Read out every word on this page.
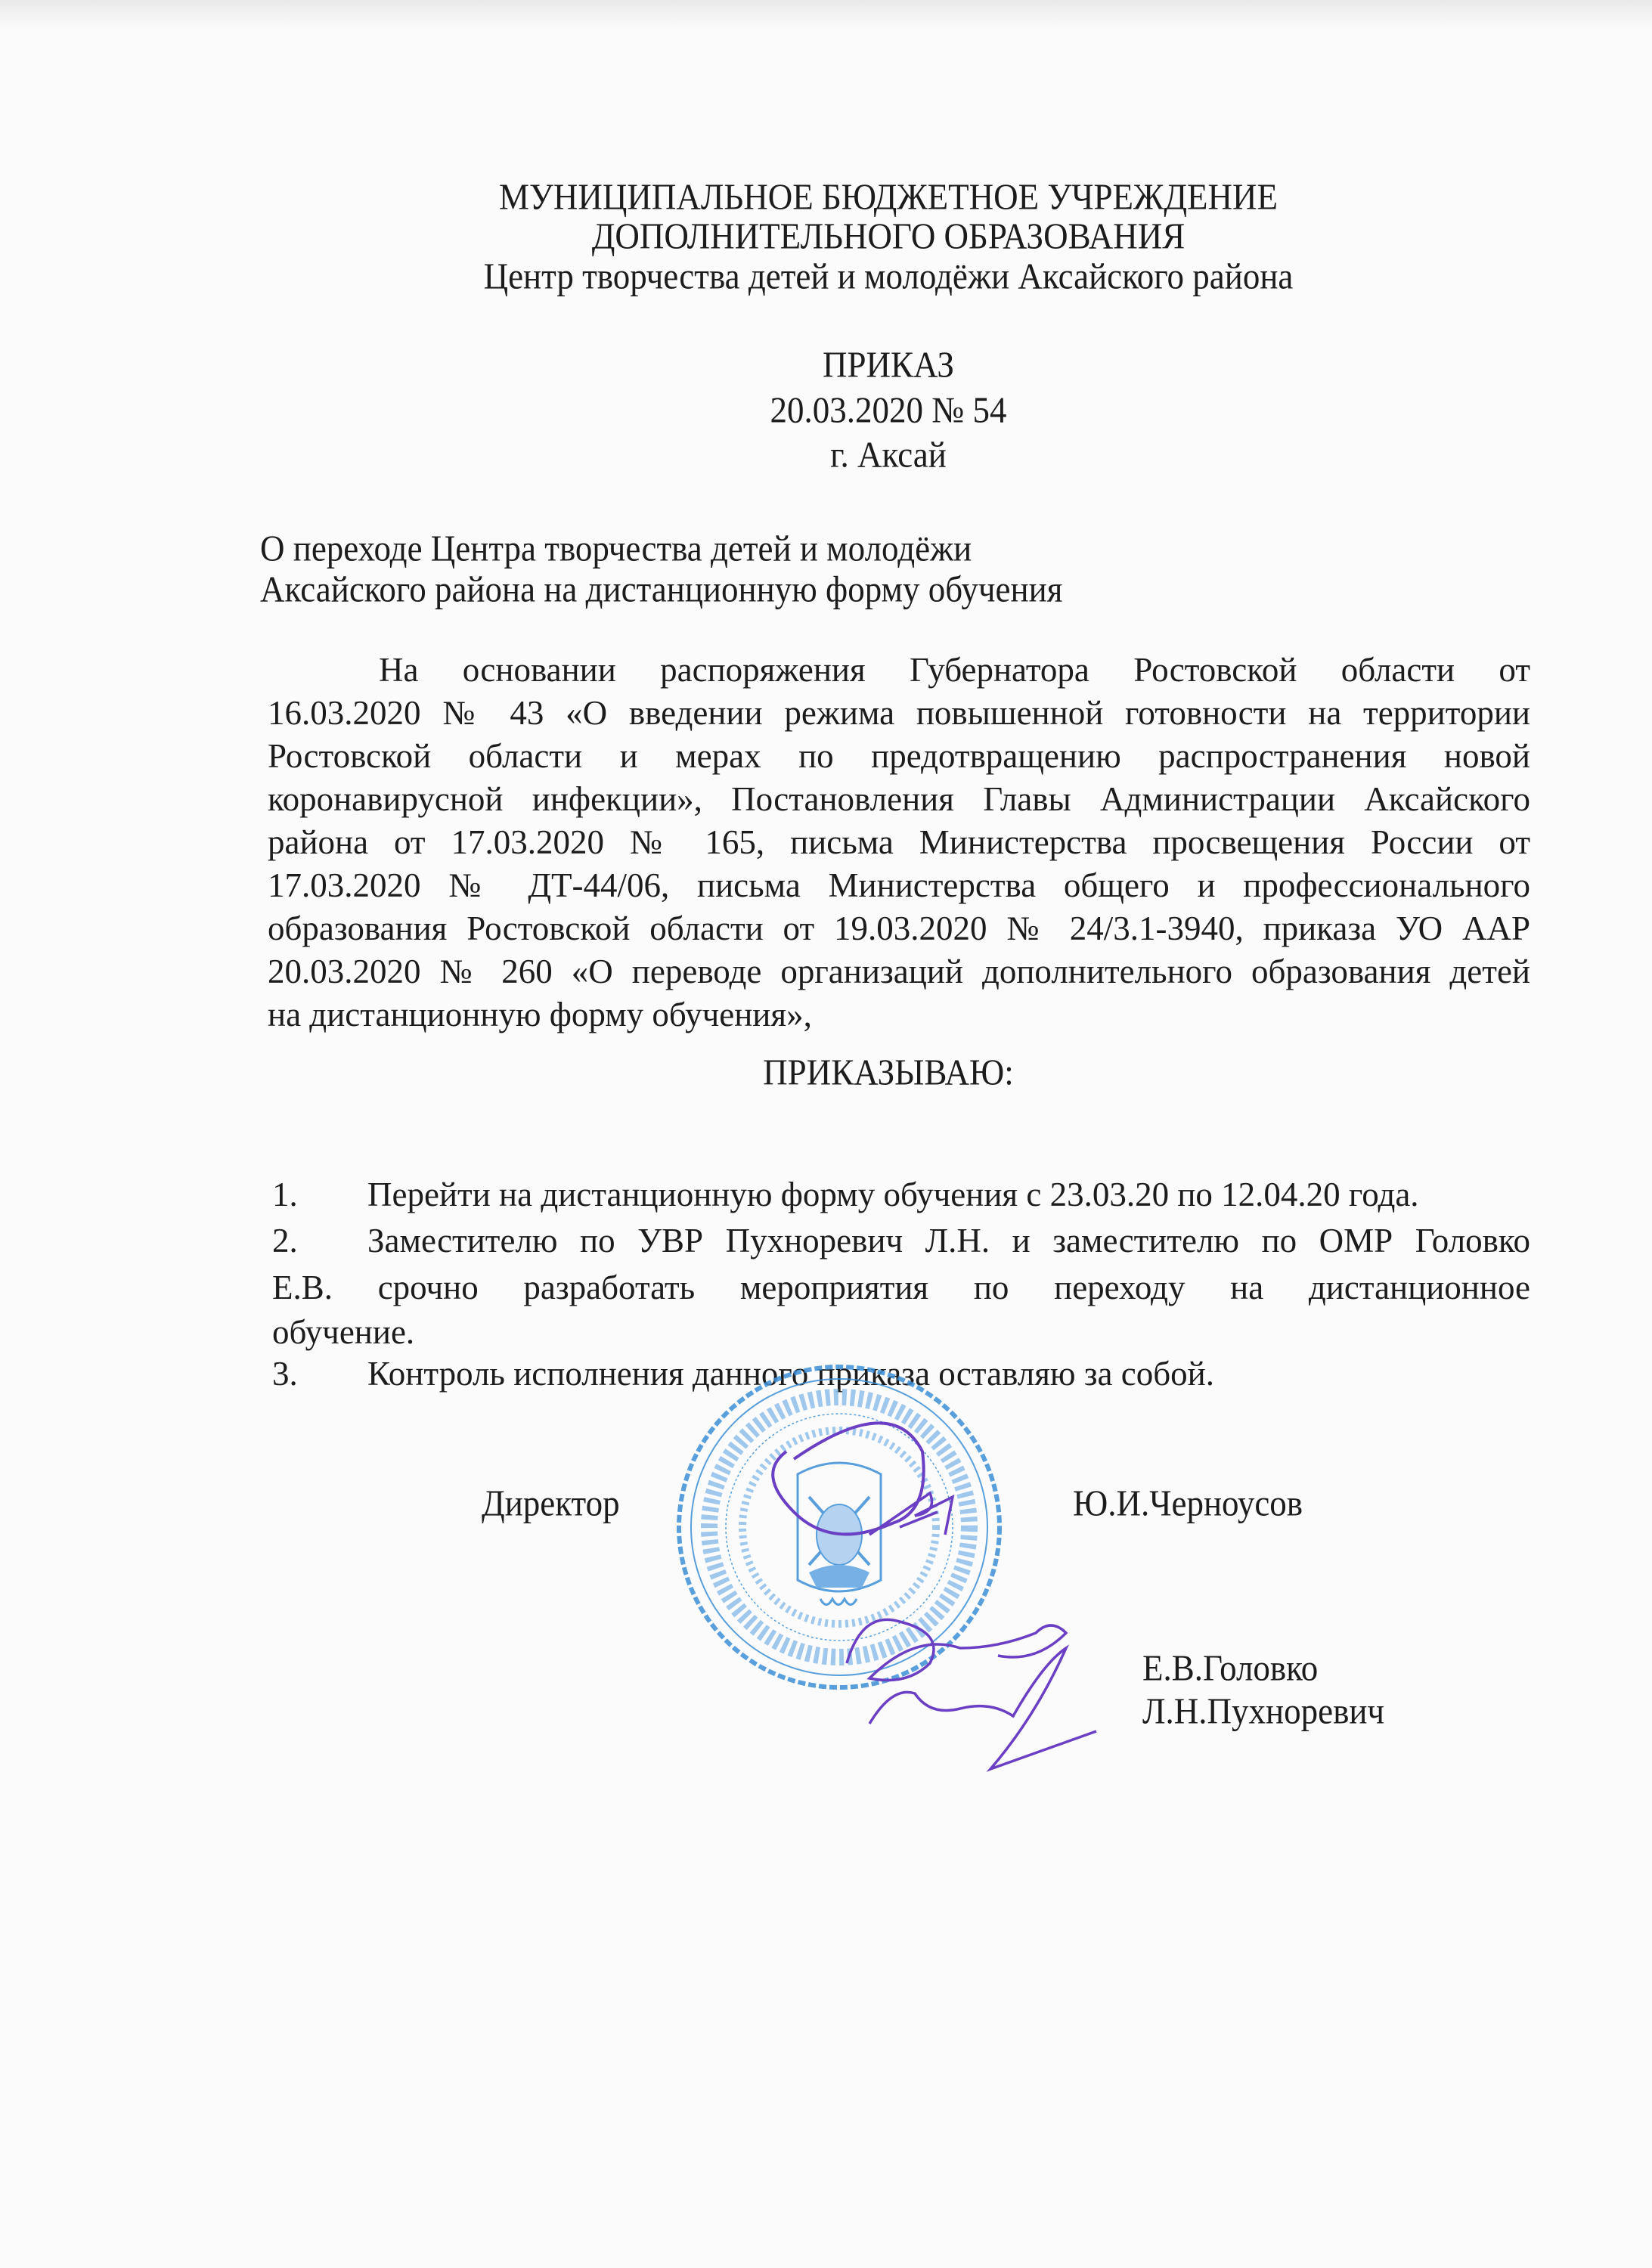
МУНИЦИПАЛЬНОЕ БЮДЖЕТНОЕ УЧРЕЖДЕНИЕ
ДОПОЛНИТЕЛЬНОГО ОБРАЗОВАНИЯ
Центр творчества детей и молодёжи Аксайского района
ПРИКАЗ
20.03.2020 № 54
г. Аксай
О переходе Центра творчества детей и молодёжи
Аксайского района на дистанционную форму обучения
На основании распоряжения Губернатора Ростовской области от
16.03.2020 № 43 «О введении режима повышенной готовности на территории
Ростовской области и мерах по предотвращению распространения новой
коронавирусной инфекции», Постановления Главы Администрации Аксайского
района от 17.03.2020 № 165, письма Министерства просвещения России от
17.03.2020 № ДТ-44/06, письма Министерства общего и профессионального
образования Ростовской области от 19.03.2020 № 24/3.1-3940, приказа УО ААР
20.03.2020 № 260 «О переводе организаций дополнительного образования детей
на дистанционную форму обучения»,
ПРИКАЗЫВАЮ:
1. Перейти на дистанционную форму обучения с 23.03.20 по 12.04.20 года.
2. Заместителю по УВР Пухноревич Л.Н. и заместителю по ОМР Головко
Е.В. срочно разработать мероприятия по переходу на дистанционное
обучение.
3. Контроль исполнения данного приказа оставляю за собой.
Директор	Ю.И.Черноусов
Е.В.Головко
Л.Н.Пухноревич
